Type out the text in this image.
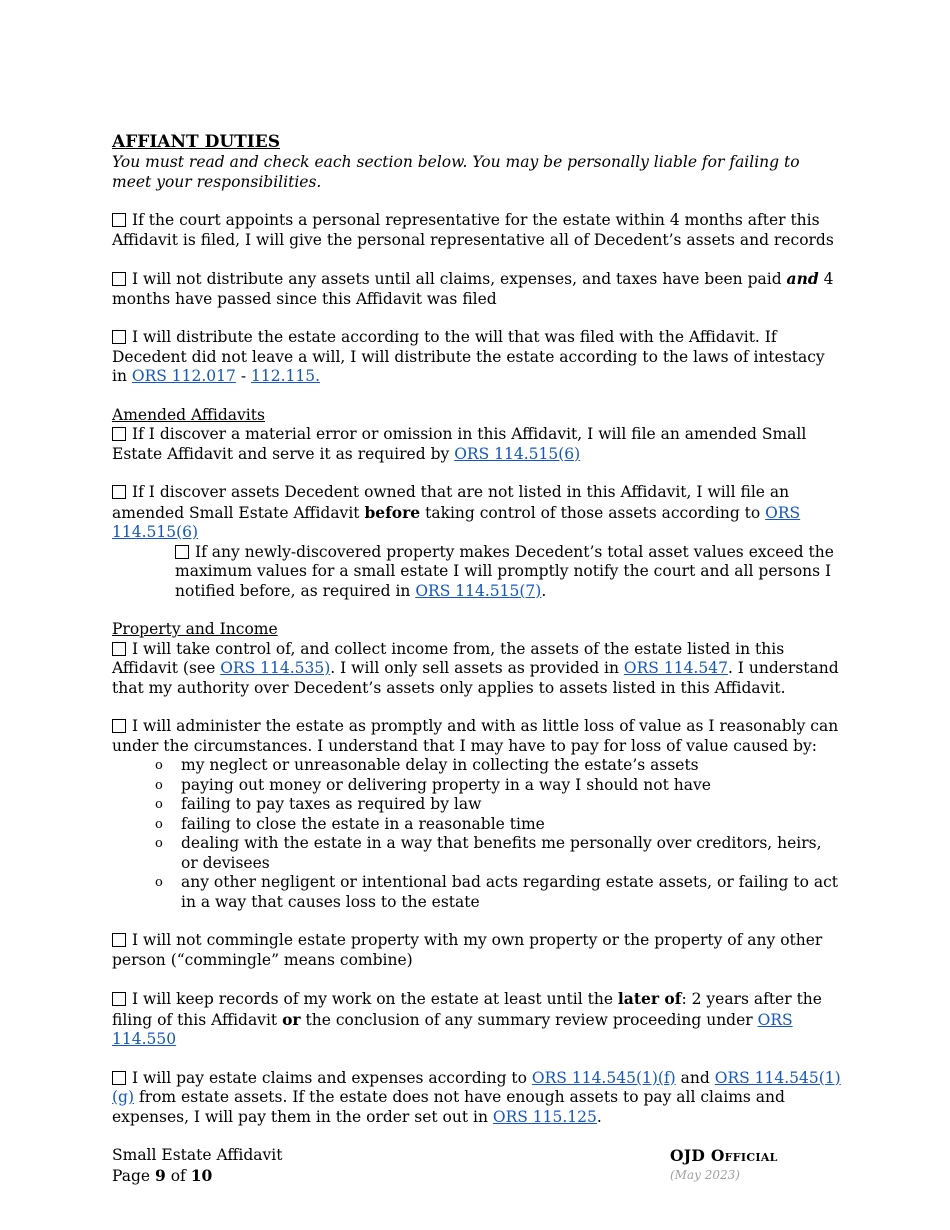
AFFIANT DUTIES

You must read and check each section below. You may be personally liable for failing to meet your responsibilities.

If the court appoints a personal representative for the estate within 4 months after this Affidavit is filed, I will give the personal representative all of Decedent’s assets and records

I will not distribute any assets until all claims, expenses, and taxes have been paid and 4 months have passed since this Affidavit was filed

I will distribute the estate according to the will that was filed with the Affidavit. If Decedent did not leave a will, I will distribute the estate according to the laws of intestacy in ORS 112.017 - 112.115.

Amended Affidavits

If I discover a material error or omission in this Affidavit, I will file an amended Small Estate Affidavit and serve it as required by ORS 114.515(6)

If I discover assets Decedent owned that are not listed in this Affidavit, I will file an amended Small Estate Affidavit before taking control of those assets according to ORS 114.515(6)

If any newly-discovered property makes Decedent’s total asset values exceed the maximum values for a small estate I will promptly notify the court and all persons I notified before, as required in ORS 114.515(7).

Property and Income

I will take control of, and collect income from, the assets of the estate listed in this Affidavit (see ORS 114.535). I will only sell assets as provided in ORS 114.547. I understand that my authority over Decedent’s assets only applies to assets listed in this Affidavit.

I will administer the estate as promptly and with as little loss of value as I reasonably can under the circumstances. I understand that I may have to pay for loss of value caused by:

o my neglect or unreasonable delay in collecting the estate’s assets
o paying out money or delivering property in a way I should not have
o failing to pay taxes as required by law
o failing to close the estate in a reasonable time
o dealing with the estate in a way that benefits me personally over creditors, heirs, or devisees
o any other negligent or intentional bad acts regarding estate assets, or failing to act in a way that causes loss to the estate

I will not commingle estate property with my own property or the property of any other person (“commingle” means combine)

I will keep records of my work on the estate at least until the later of: 2 years after the filing of this Affidavit or the conclusion of any summary review proceeding under ORS 114.550

I will pay estate claims and expenses according to ORS 114.545(1)(f) and ORS 114.545(1)(g) from estate assets. If the estate does not have enough assets to pay all claims and expenses, I will pay them in the order set out in ORS 115.125.

Small Estate Affidavit
Page 9 of 10
OJD Official
(May 2023)
